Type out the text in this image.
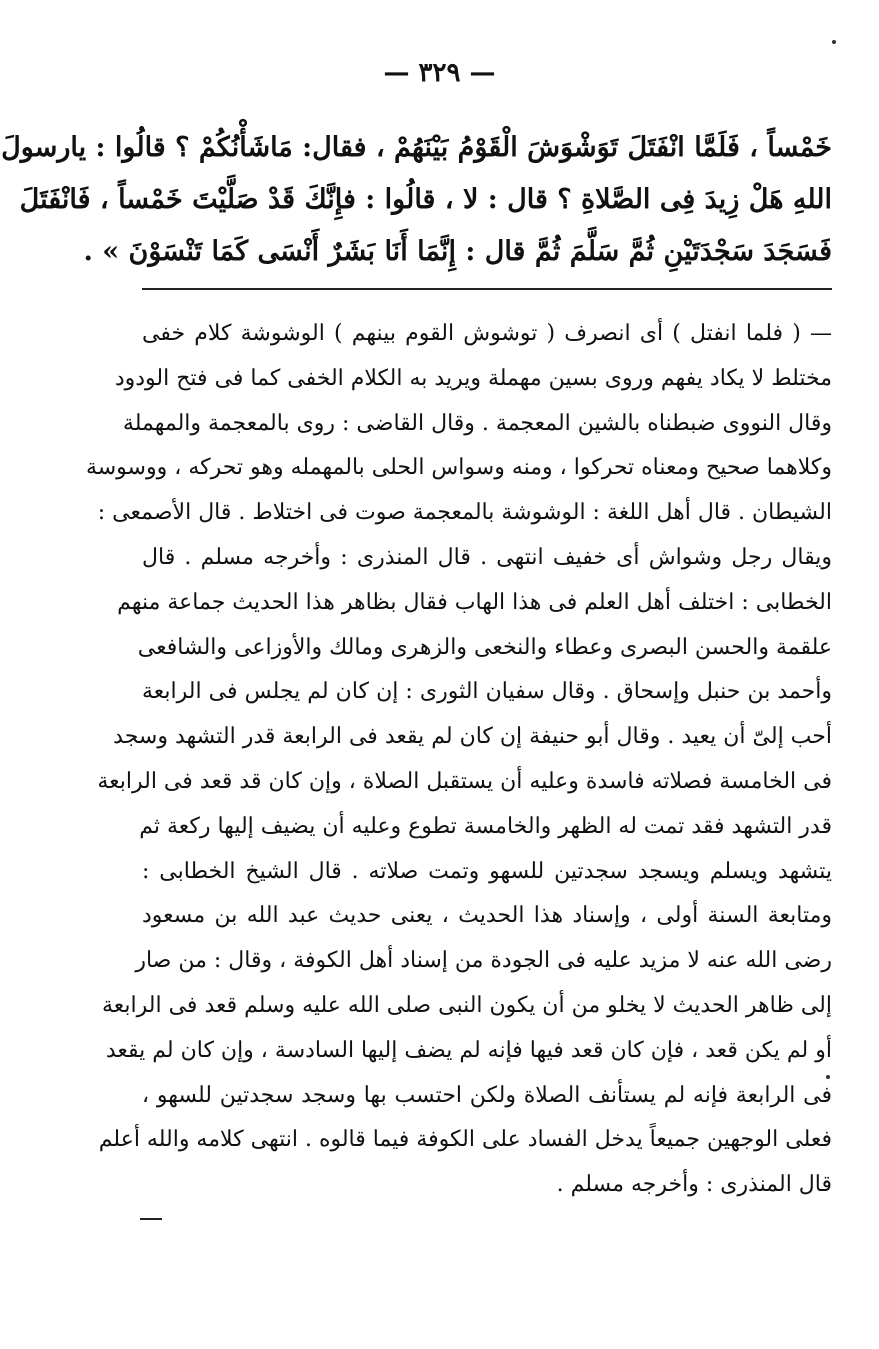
— ٣٢٩ —
خَمْساً ، فَلَمَّا انْفَتَلَ تَوَشْوَشَ الْقَوْمُ بَيْنَهُمْ ، فقال: مَاشَأْنُكُمْ ؟ قالُوا : يارسولَ
اللهِ هَلْ زِيدَ فِى الصَّلاةِ ؟ قال : لا ، قالُوا : فإِنَّكَ قَدْ صَلَّيْتَ خَمْساً ، فَانْفَتَلَ
فَسَجَدَ سَجْدَتَيْنِ ثُمَّ سَلَّمَ ثُمَّ قال : إِنَّمَا أَنَا بَشَرٌ أَنْسَى كَمَا تَنْسَوْنَ » .
— ( فلما انفتل ) أى انصرف ( توشوش القوم بينهم ) الوشوشة كلام خفى
مختلط لا يكاد يفهم وروى بسين مهملة ويريد به الكلام الخفى كما فى فتح الودود
وقال النووى ضبطناه بالشين المعجمة . وقال القاضى : روى بالمعجمة والمهملة
وكلاهما صحيح ومعناه تحركوا ، ومنه وسواس الحلى بالمهمله وهو تحركه ، ووسوسة
الشيطان . قال أهل اللغة : الوشوشة بالمعجمة صوت فى اختلاط . قال الأصمعى :
ويقال رجل وشواش أى خفيف انتهى . قال المنذرى : وأخرجه مسلم . قال
الخطابى : اختلف أهل العلم فى هذا الهاب فقال بظاهر هذا الحديث جماعة منهم
علقمة والحسن البصرى وعطاء والنخعى والزهرى ومالك والأوزاعى والشافعى
وأحمد بن حنبل وإسحاق . وقال سفيان الثورى : إن كان لم يجلس فى الرابعة
أحب إلىّ أن يعيد . وقال أبو حنيفة إن كان لم يقعد فى الرابعة قدر التشهد وسجد
فى الخامسة فصلاته فاسدة وعليه أن يستقبل الصلاة ، وإن كان قد قعد فى الرابعة
قدر التشهد فقد تمت له الظهر والخامسة تطوع وعليه أن يضيف إليها ركعة ثم
يتشهد ويسلم ويسجد سجدتين للسهو وتمت صلاته . قال الشيخ الخطابى :
ومتابعة السنة أولى ، وإسناد هذا الحديث ، يعنى حديث عبد الله بن مسعود
رضى الله عنه لا مزيد عليه فى الجودة من إسناد أهل الكوفة ، وقال : من صار
إلى ظاهر الحديث لا يخلو من أن يكون النبى صلى الله عليه وسلم قعد فى الرابعة
أو لم يكن قعد ، فإن كان قعد فيها فإنه لم يضف إليها السادسة ، وإن كان لم يقعد
فى الرابعة فإنه لم يستأنف الصلاة ولكن احتسب بها وسجد سجدتين للسهو ،
فعلى الوجهين جميعاً يدخل الفساد على الكوفة فيما قالوه . انتهى كلامه والله أعلم
قال المنذرى : وأخرجه مسلم .
